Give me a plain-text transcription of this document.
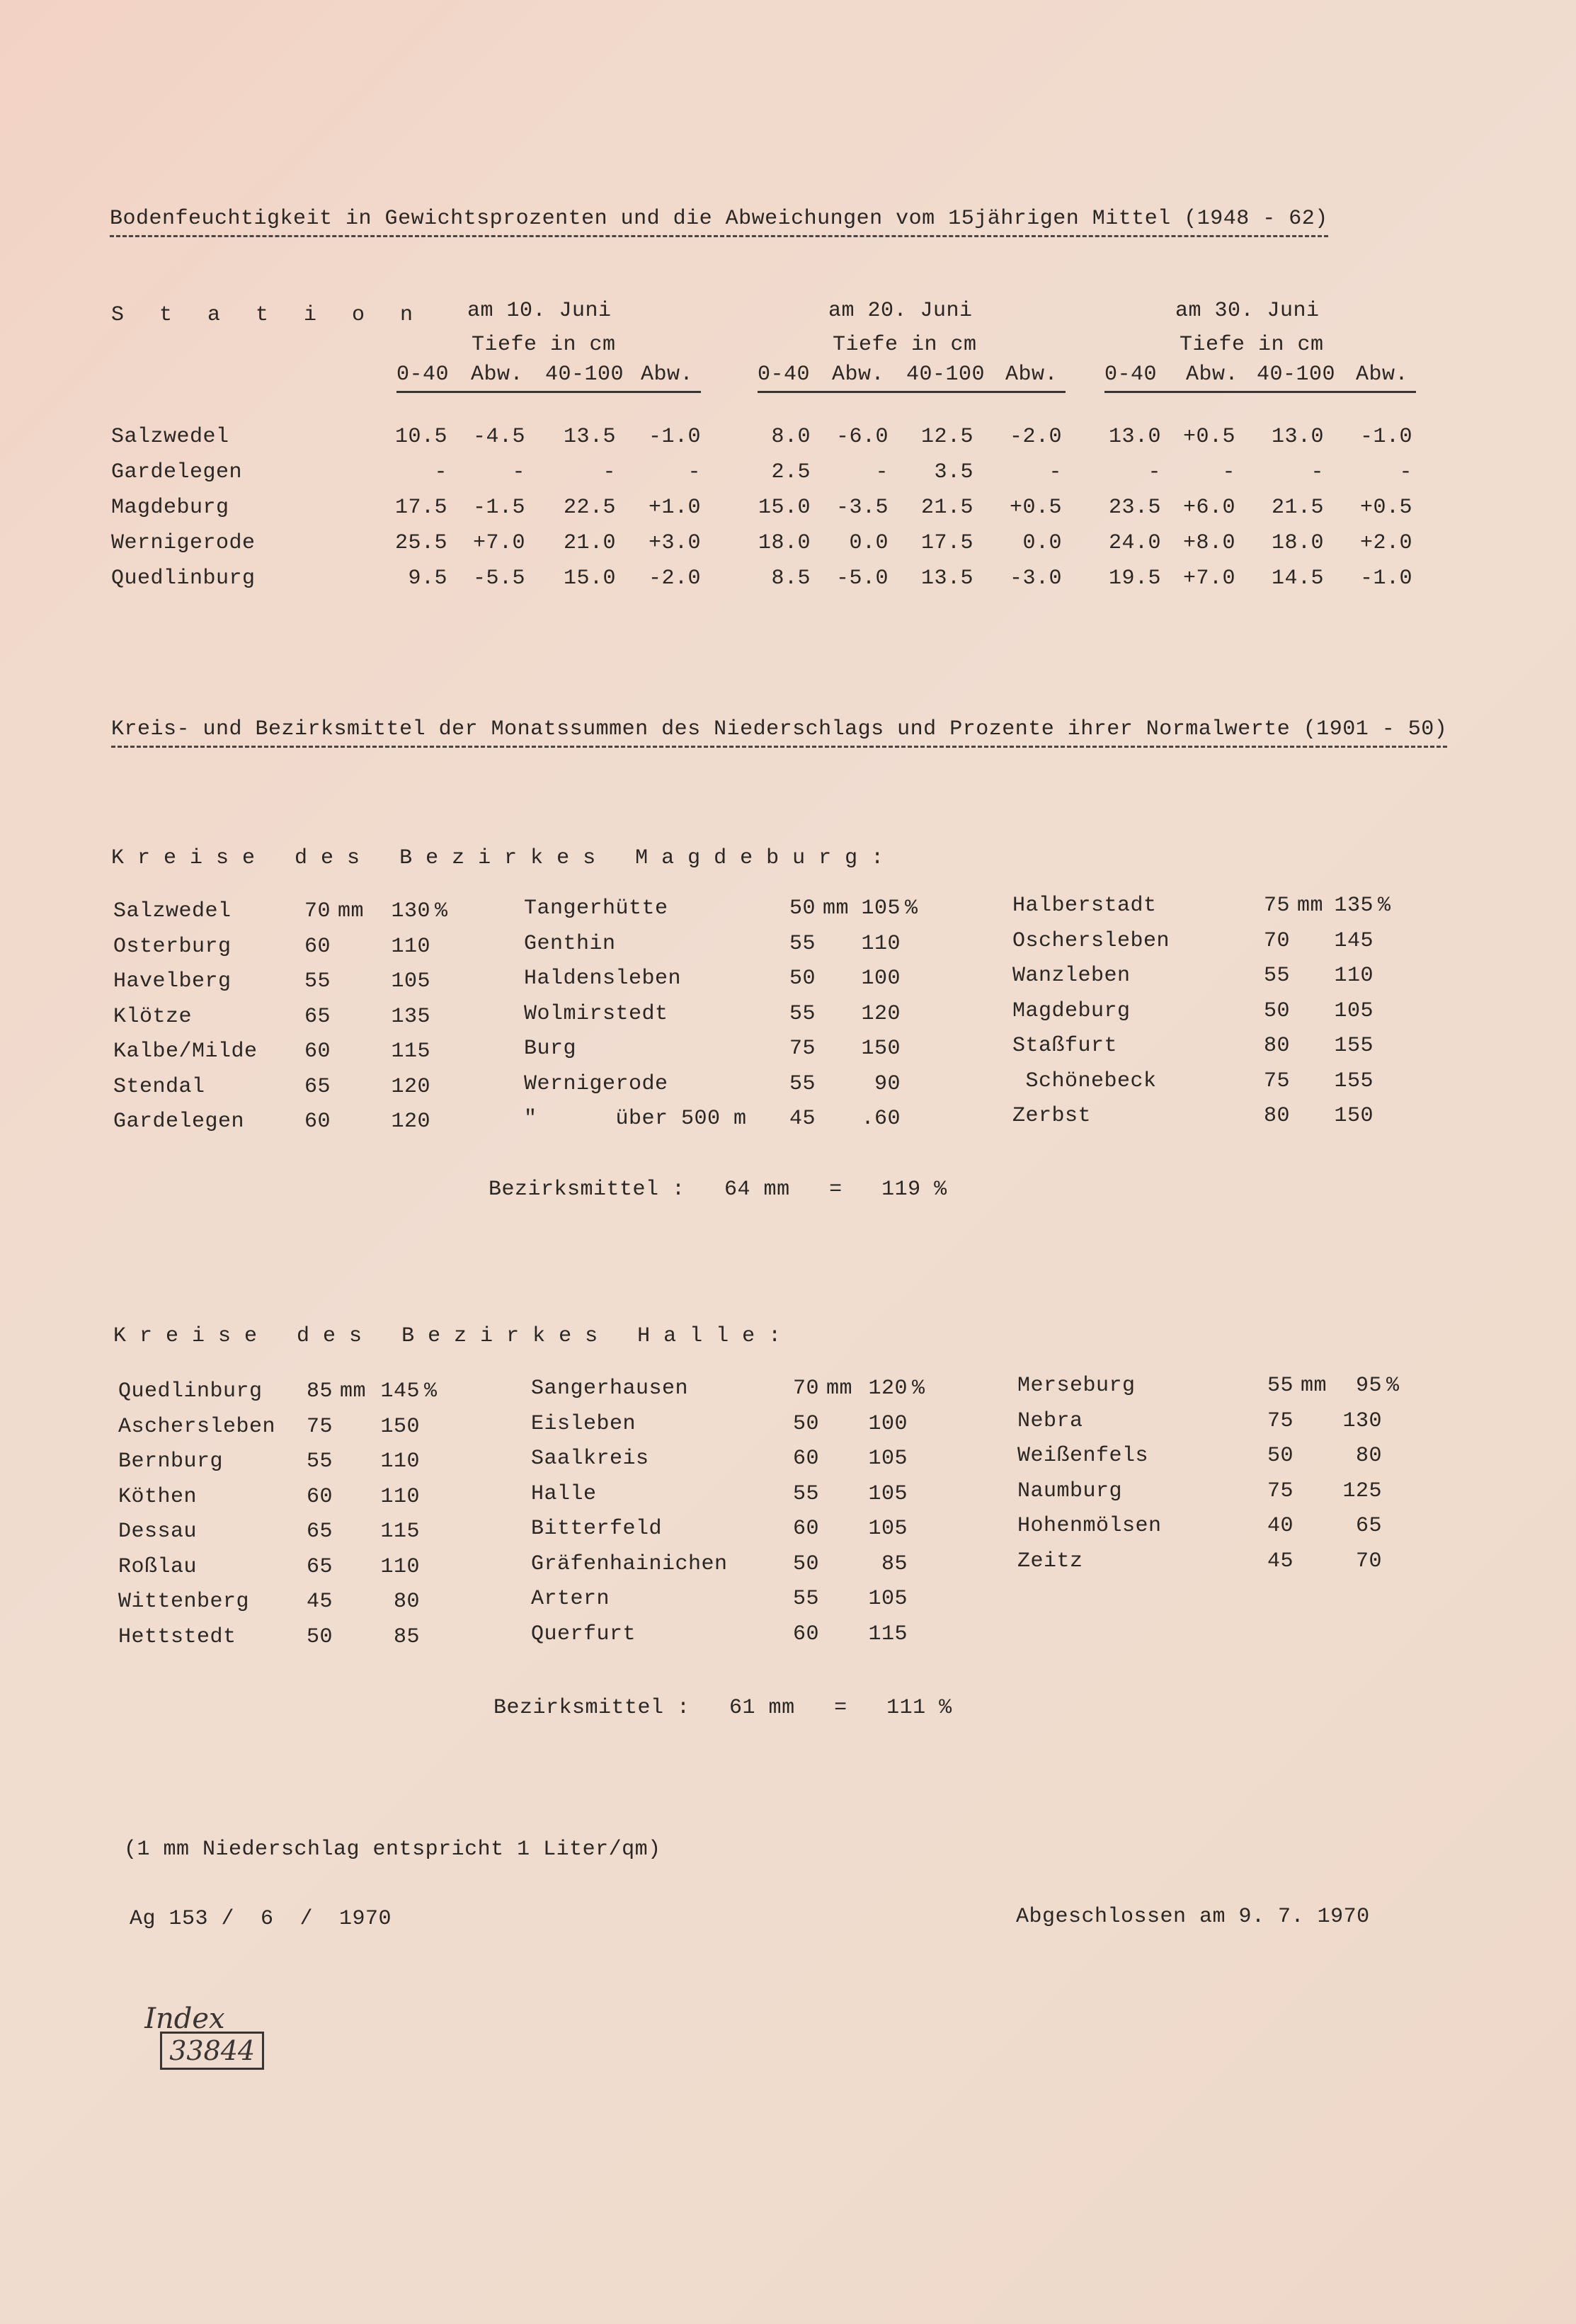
Bodenfeuchtigkeit in Gewichtsprozenten und die Abweichungen vom 15jährigen Mittel (1948 - 62)
S t a t i o n am 10. Juni
Tiefe in cm
0-40 Abw. 40-100 Abw.
am 20. Juni
Tiefe in cm
0-40 Abw. 40-100 Abw.
am 30. Juni
Tiefe in cm
0-40 Abw. 40-100 Abw.
Salzwedel	10.5	-4.5	13.5	-1.0	8.0	-6.0	12.5	-2.0	13.0	+0.5	13.0	-1.0
Gardelegen	-	-	-	-	2.5	-	3.5	-	-	-	-	-
Magdeburg	17.5	-1.5	22.5	+1.0	15.0	-3.5	21.5	+0.5	23.5	+6.0	21.5	+0.5
Wernigerode	25.5	+7.0	21.0	+3.0	18.0	0.0	17.5	0.0	24.0	+8.0	18.0	+2.0
Quedlinburg	9.5	-5.5	15.0	-2.0	8.5	-5.0	13.5	-3.0	19.5	+7.0	14.5	-1.0
Kreis- und Bezirksmittel der Monatssummen des Niederschlags und Prozente ihrer Normalwerte (1901 - 50)
K r e i s e   d e s   B e z i r k e s   M a g d e b u r g :
Salzwedel	70 mm	130 %
Osterburg	60	110
Havelberg	55	105
Klötze	65	135
Kalbe/Milde	60	115
Stendal	65	120
Gardelegen	60	120
Tangerhütte	50 mm 105 %
Genthin	55	110
Haldensleben	50	100
Wolmirstedt	55	120
Burg	75	150
Wernigerode	55	90
"      über 500 m	45	.60
Halberstadt	75 mm 135 %
Oschersleben	70	145
Wanzleben	55	110
Magdeburg	50	105
Staßfurt	80	155
Schönebeck	75	155
Zerbst	80	150
Bezirksmittel :   64 mm   =   119 %
K r e i s e   d e s   B e z i r k e s   H a l l e :
Quedlinburg	85 mm 145 %
Aschersleben	75	150
Bernburg	55	110
Köthen	60	110
Dessau	65	115
Roßlau	65	110
Wittenberg	45	80
Hettstedt	50	85
Sangerhausen	70 mm 120 %
Eisleben	50	100
Saalkreis	60	105
Halle	55	105
Bitterfeld	60	105
Gräfenhainichen	50	85
Artern	55	105
Querfurt	60	115
Merseburg	55 mm	95 %
Nebra	75	130
Weißenfels	50	80
Naumburg	75	125
Hohenmölsen	40	65
Zeitz	45	70
Bezirksmittel :   61 mm   =   111 %
(1 mm Niederschlag entspricht 1 Liter/qm)
Ag 153 /  6  /  1970	Abgeschlossen am 9. 7. 1970

Index
33844
